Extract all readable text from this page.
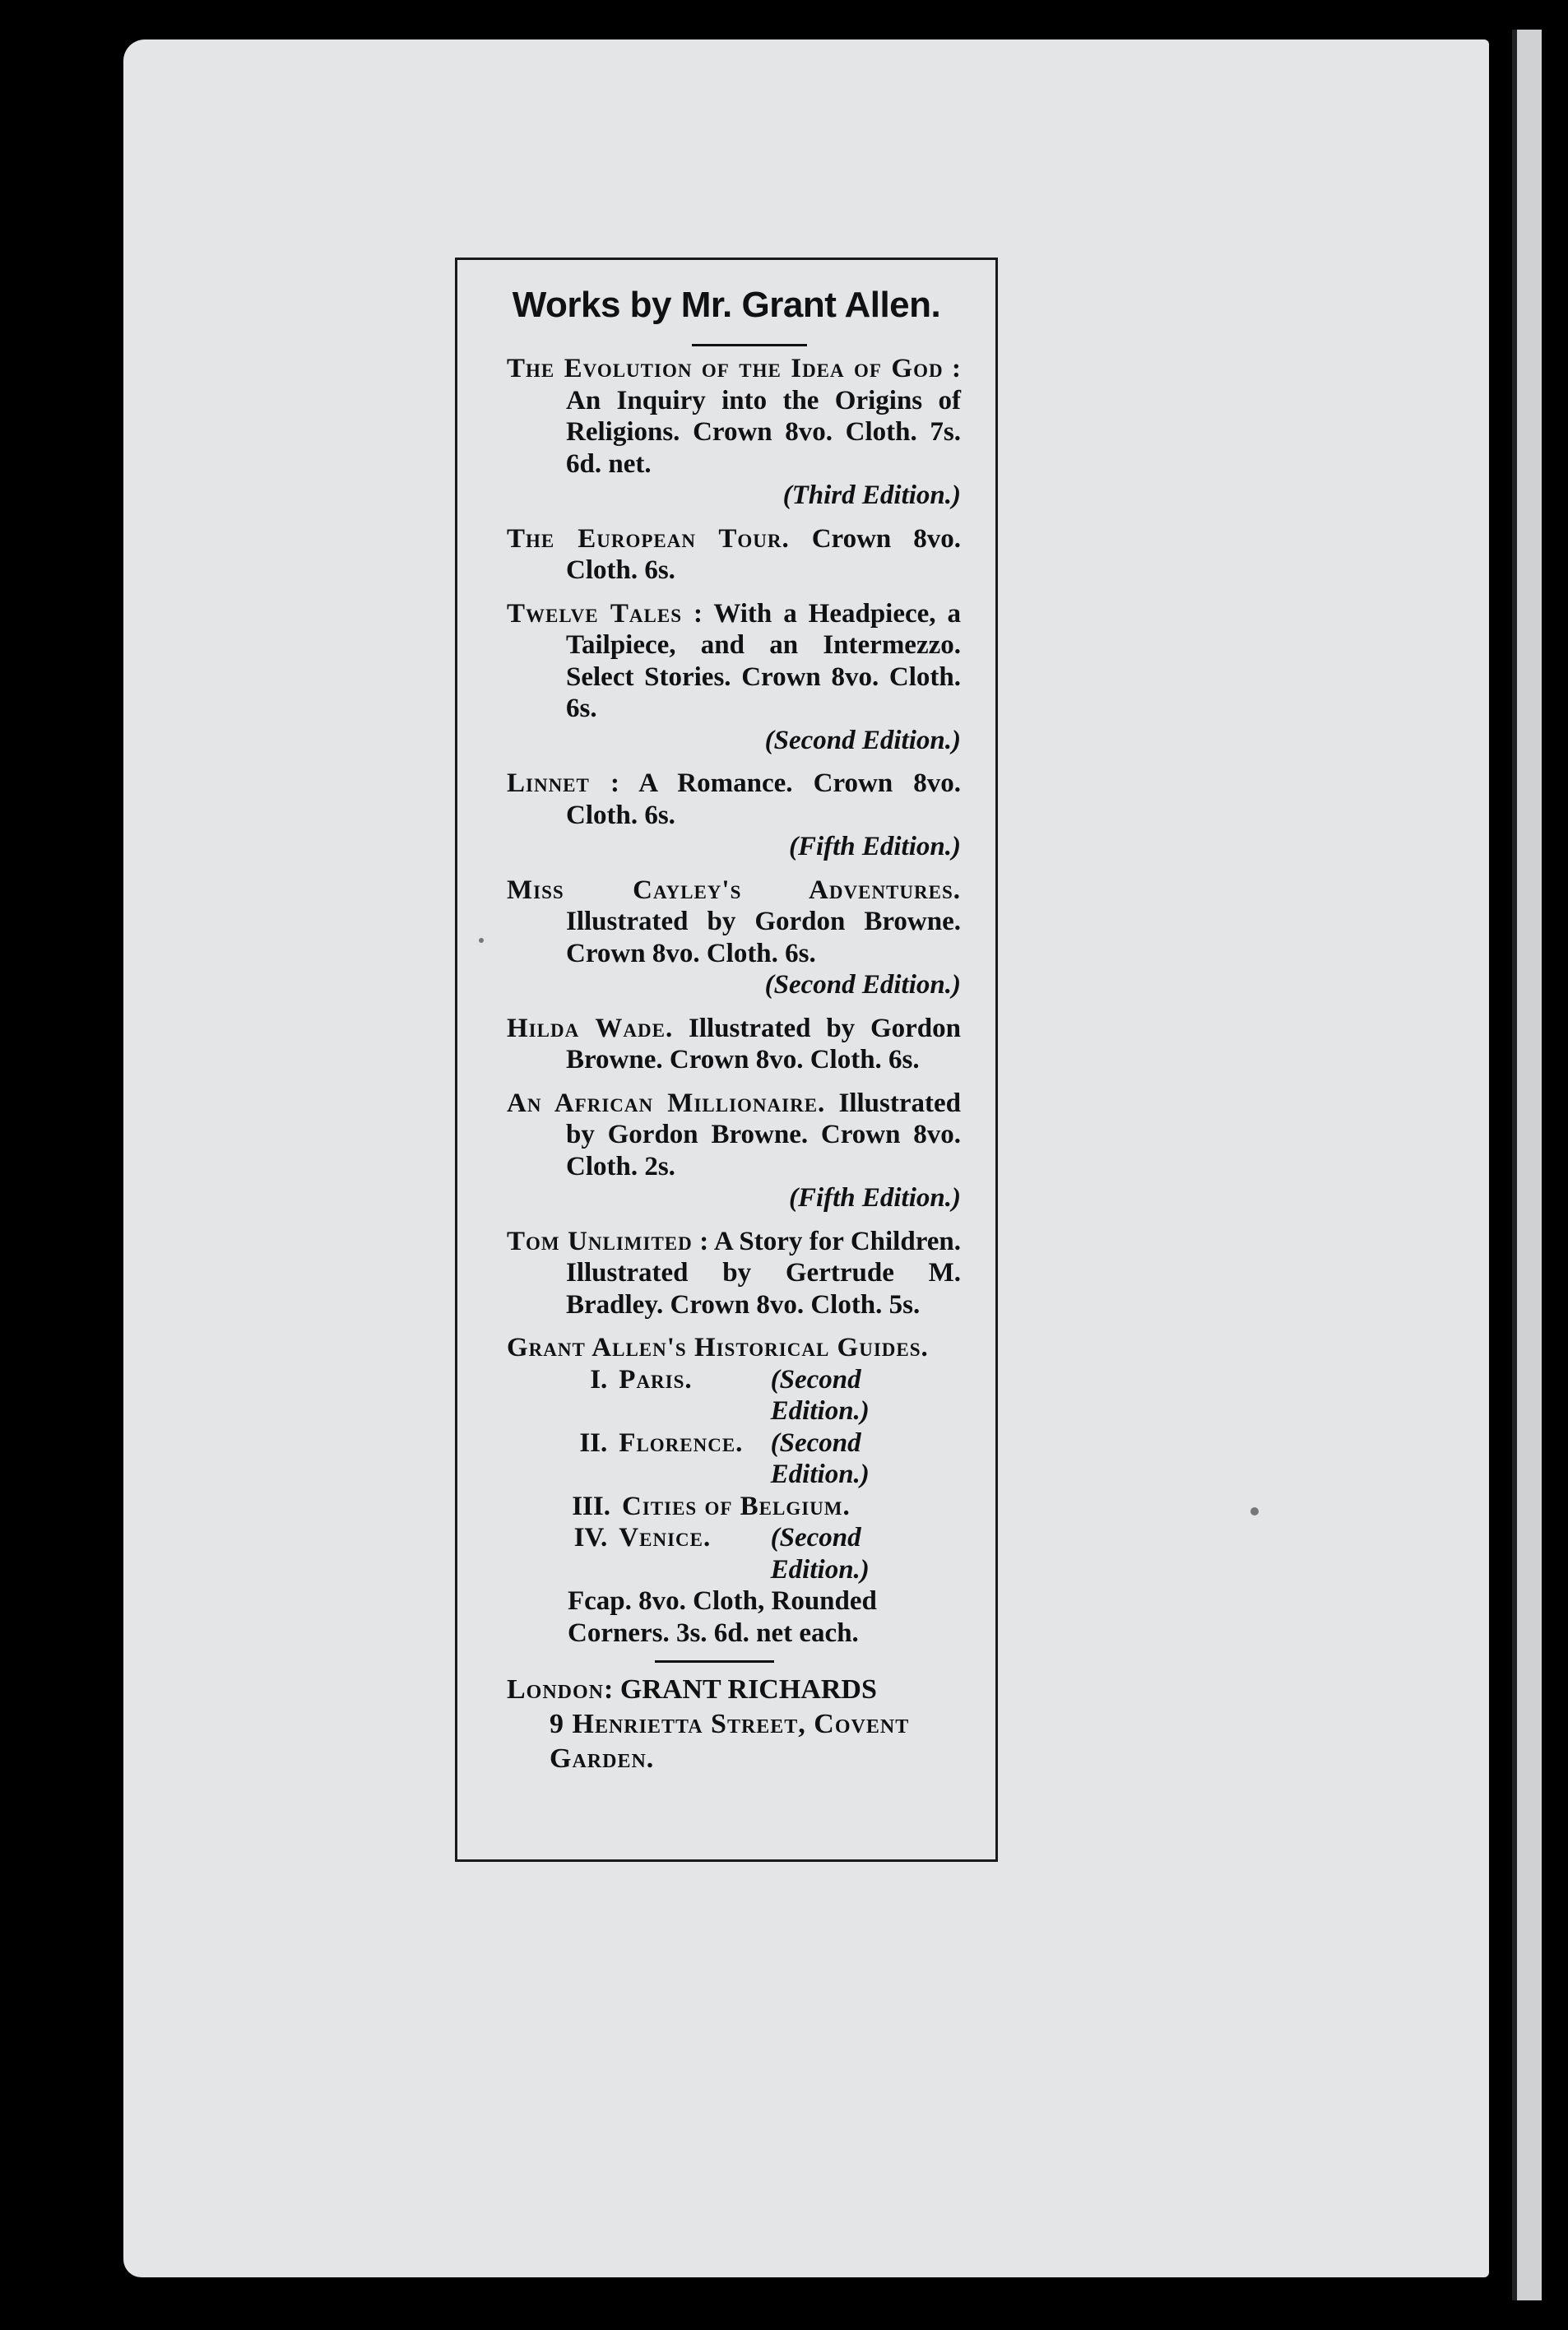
Works by Mr. Grant Allen.
The Evolution of the Idea of God : An Inquiry into the Origins of Religions. Crown 8vo. Cloth. 7s. 6d. net.
(Third Edition.)
The European Tour. Crown 8vo. Cloth. 6s.
Twelve Tales : With a Headpiece, a Tailpiece, and an Intermezzo. Select Stories. Crown 8vo. Cloth. 6s.
(Second Edition.)
Linnet : A Romance. Crown 8vo. Cloth. 6s.
(Fifth Edition.)
Miss Cayley's Adventures. Illustrated by Gordon Browne. Crown 8vo. Cloth. 6s.
(Second Edition.)
Hilda Wade. Illustrated by Gordon Browne. Crown 8vo. Cloth. 6s.
An African Millionaire. Illustrated by Gordon Browne. Crown 8vo. Cloth. 2s.
(Fifth Edition.)
Tom Unlimited : A Story for Children. Illustrated by Gertrude M. Bradley. Crown 8vo. Cloth. 5s.
Grant Allen's Historical Guides.
I. Paris.	(Second Edition.)
II. Florence.	(Second Edition.)
III. Cities of Belgium.
IV. Venice.	(Second Edition.)
Fcap. 8vo. Cloth, Rounded Corners. 3s. 6d. net each.
London: GRANT RICHARDS
9 Henrietta Street, Covent Garden.
